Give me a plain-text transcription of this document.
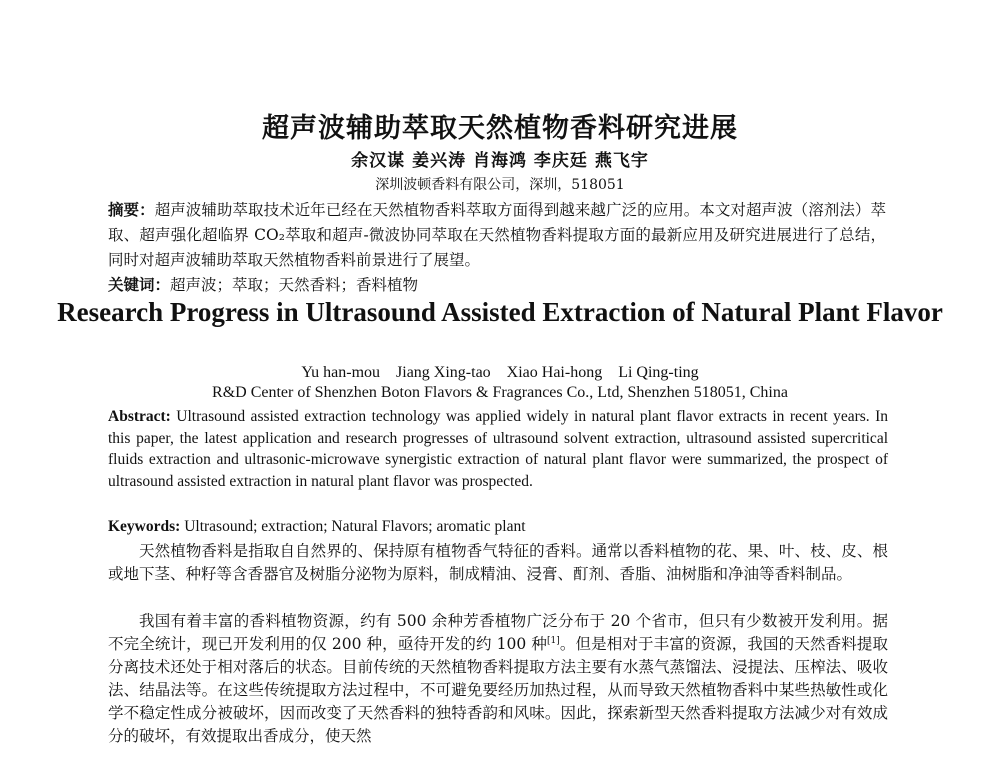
超声波辅助萃取天然植物香料研究进展
余汉谋 姜兴涛 肖海鸿 李庆廷 燕飞宇
深圳波顿香料有限公司，深圳，518051

摘要：超声波辅助萃取技术近年已经在天然植物香料萃取方面得到越来越广泛的应用。本文对超声波（溶剂法）萃取、超声强化超临界 CO₂萃取和超声-微波协同萃取在天然植物香料提取方面的最新应用及研究进展进行了总结，同时对超声波辅助萃取天然植物香料前景进行了展望。

关键词：超声波；萃取；天然香料；香料植物

Research Progress in Ultrasound Assisted Extraction of Natural Plant Flavor
Yu han-mou    Jiang Xing-tao    Xiao Hai-hong    Li Qing-ting
R&D Center of Shenzhen Boton Flavors & Fragrances Co., Ltd, Shenzhen 518051, China

Abstract: Ultrasound assisted extraction technology was applied widely in natural plant flavor extracts in recent years. In this paper, the latest application and research progresses of ultrasound solvent extraction, ultrasound assisted supercritical fluids extraction and ultrasonic-microwave synergistic extraction of natural plant flavor were summarized, the prospect of ultrasound assisted extraction in natural plant flavor was prospected.

Keywords: Ultrasound; extraction; Natural Flavors; aromatic plant

天然植物香料是指取自自然界的、保持原有植物香气特征的香料。通常以香料植物的花、果、叶、枝、皮、根或地下茎、种籽等含香器官及树脂分泌物为原料，制成精油、浸膏、酊剂、香脂、油树脂和净油等香料制品。

我国有着丰富的香料植物资源，约有 500 余种芳香植物广泛分布于 20 个省市，但只有少数被开发利用。据不完全统计，现已开发利用的仅 200 种，亟待开发的约 100 种[1]。但是相对于丰富的资源，我国的天然香料提取分离技术还处于相对落后的状态。目前传统的天然植物香料提取方法主要有水蒸气蒸馏法、浸提法、压榨法、吸收法、结晶法等。在这些传统提取方法过程中，不可避免要经历加热过程，从而导致天然植物香料中某些热敏性或化学不稳定性成分被破坏，因而改变了天然香料的独特香韵和风味。因此，探索新型天然香料提取方法减少对有效成分的破坏，有效提取出香成分，使天然
